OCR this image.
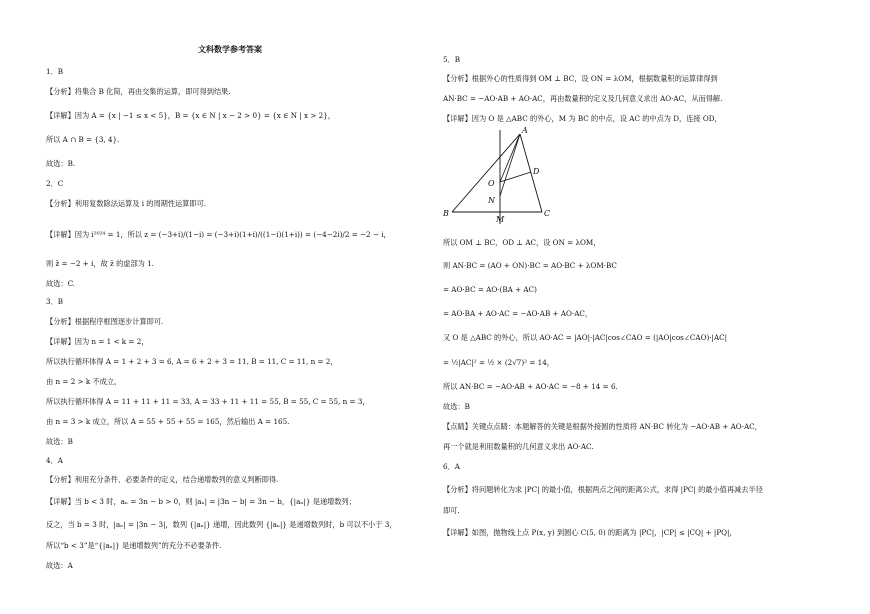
文科数学参考答案
1．B
【分析】将集合 B 化简，再由交集的运算，即可得到结果.
【详解】因为 A = {x | −1 ≤ x < 5}，B = {x ∈ N | x − 2 > 0} = {x ∈ N | x > 2}，
所以 A ∩ B = {3, 4}.
故选：B.
2．C
【分析】利用复数除法运算及 i 的周期性运算即可.
【详解】因为 i²⁰²⁴ = 1，所以 z = (−3+i)/(1−i) = (−3+i)(1+i)/((1−i)(1+i)) = (−4−2i)/2 = −2 − i，
则 z̄ = −2 + i，故 z̄ 的虚部为 1.
故选：C.
3．B
【分析】根据程序框图逐步计算即可.
【详解】因为 n = 1 < k = 2，
所以执行循环体得 A = 1 + 2 + 3 = 6, A = 6 + 2 + 3 = 11, B = 11, C = 11, n = 2，
由 n = 2 > k 不成立，
所以执行循环体得 A = 11 + 11 + 11 = 33, A = 33 + 11 + 11 = 55, B = 55, C = 55, n = 3，
由 n = 3 > k 成立，所以 A = 55 + 55 + 55 = 165，然后输出 A = 165.
故选：B
4．A
【分析】利用充分条件、必要条件的定义，结合递增数列的意义判断即得.
【详解】当 b < 3 时，aₙ = 3n − b > 0，则 |aₙ| = |3n − b| = 3n − b，{|aₙ|} 是递增数列；
反之，当 b = 3 时，|aₙ| = |3n − 3|，数列 {|aₙ|} 递增，因此数列 {|aₙ|} 是递增数列时，b 可以不小于 3，
所以“b < 3”是“{|aₙ|} 是递增数列”的充分不必要条件.
故选：A
5．B
【分析】根据外心的性质得到 OM ⊥ BC，设 ON = λOM，根据数量积的运算律得到
AN·BC = −AO·AB + AO·AC，再由数量积的定义及几何意义求出 AO·AC，从而得解.
【详解】因为 O 是 △ABC 的外心，M 为 BC 的中点，设 AC 的中点为 D，连接 OD，
所以 OM ⊥ BC，OD ⊥ AC，设 ON = λOM，
则 AN·BC = (AO + ON)·BC = AO·BC + λOM·BC
= AO·BC = AO·(BA + AC)
= AO·BA + AO·AC = −AO·AB + AO·AC，
又 O 是 △ABC 的外心，所以 AO·AC = |AO|·|AC|cos∠CAO = (|AO|cos∠CAO)·|AC|
= ½|AC|² = ½ × (2√7)² = 14，
所以 AN·BC = −AO·AB + AO·AC = −8 + 14 = 6.
故选：B
【点睛】关键点点睛：本题解答的关键是根据外接圆的性质将 AN·BC 转化为 −AO·AB + AO·AC，
再一个就是利用数量积的几何意义求出 AO·AC.
6．A
【分析】将问题转化为求 |PC| 的最小值，根据两点之间的距离公式，求得 |PC| 的最小值再减去半径
即可.
【详解】如图，抛物线上点 P(x, y) 到圆心 C(5, 0) 的距离为 |PC|，|CP| ≤ |CQ| + |PQ|，
A
B	C
D
O
N
M
